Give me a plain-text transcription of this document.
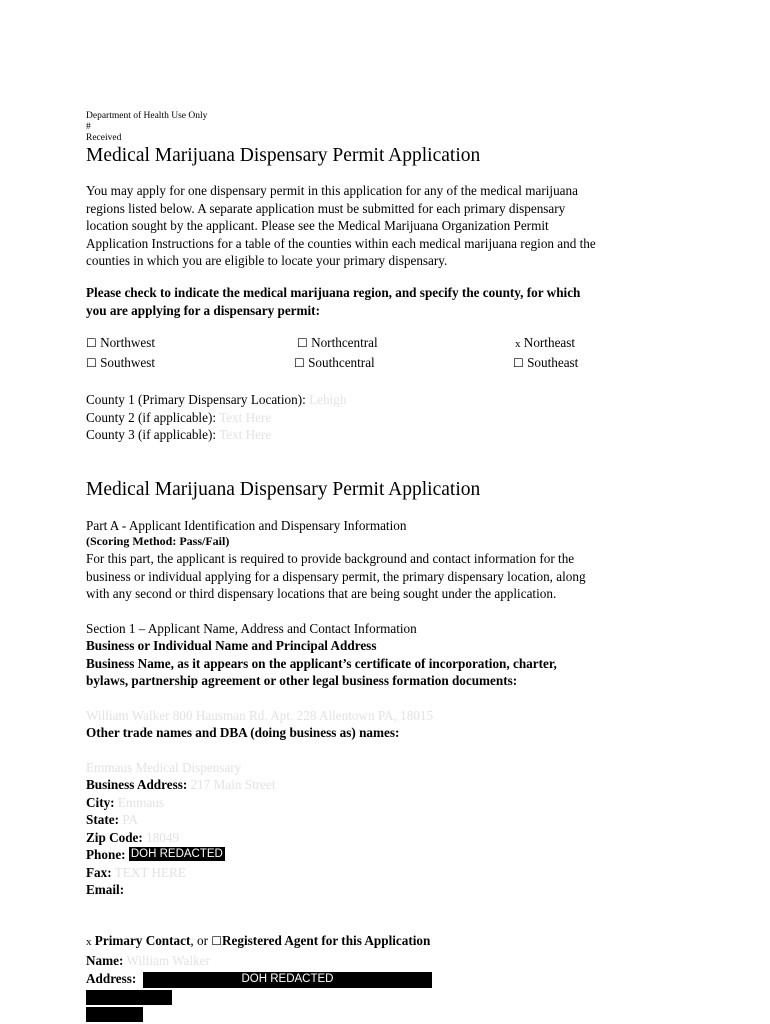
Department of Health Use Only
#
Received
Medical Marijuana Dispensary Permit Application
You may apply for one dispensary permit in this application for any of the medical marijuana
regions listed below. A separate application must be submitted for each primary dispensary
location sought by the applicant. Please see the Medical Marijuana Organization Permit
Application Instructions for a table of the counties within each medical marijuana region and the
counties in which you are eligible to locate your primary dispensary.
Please check to indicate the medical marijuana region, and specify the county, for which
you are applying for a dispensary permit:
☐ Northwest	☐ Northcentral	x Northeast
☐ Southwest	☐ Southcentral	☐ Southeast
County 1 (Primary Dispensary Location): Lehigh
County 2 (if applicable): Text Here
County 3 (if applicable): Text Here
Medical Marijuana Dispensary Permit Application
Part A - Applicant Identification and Dispensary Information
(Scoring Method: Pass/Fail)
For this part, the applicant is required to provide background and contact information for the
business or individual applying for a dispensary permit, the primary dispensary location, along
with any second or third dispensary locations that are being sought under the application.
Section 1 – Applicant Name, Address and Contact Information
Business or Individual Name and Principal Address
Business Name, as it appears on the applicant’s certificate of incorporation, charter,
bylaws, partnership agreement or other legal business formation documents:
William Walker 800 Hausman Rd. Apt. 228 Allentown PA, 18015
Other trade names and DBA (doing business as) names:
Emmaus Medical Dispensary
Business Address: 217 Main Street
City: Emmaus
State: PA
Zip Code: 18049
Phone: DOH REDACTED
Fax: TEXT HERE
Email:
x Primary Contact, or ☐Registered Agent for this Application
Name: William Walker
Address:	DOH REDACTED
